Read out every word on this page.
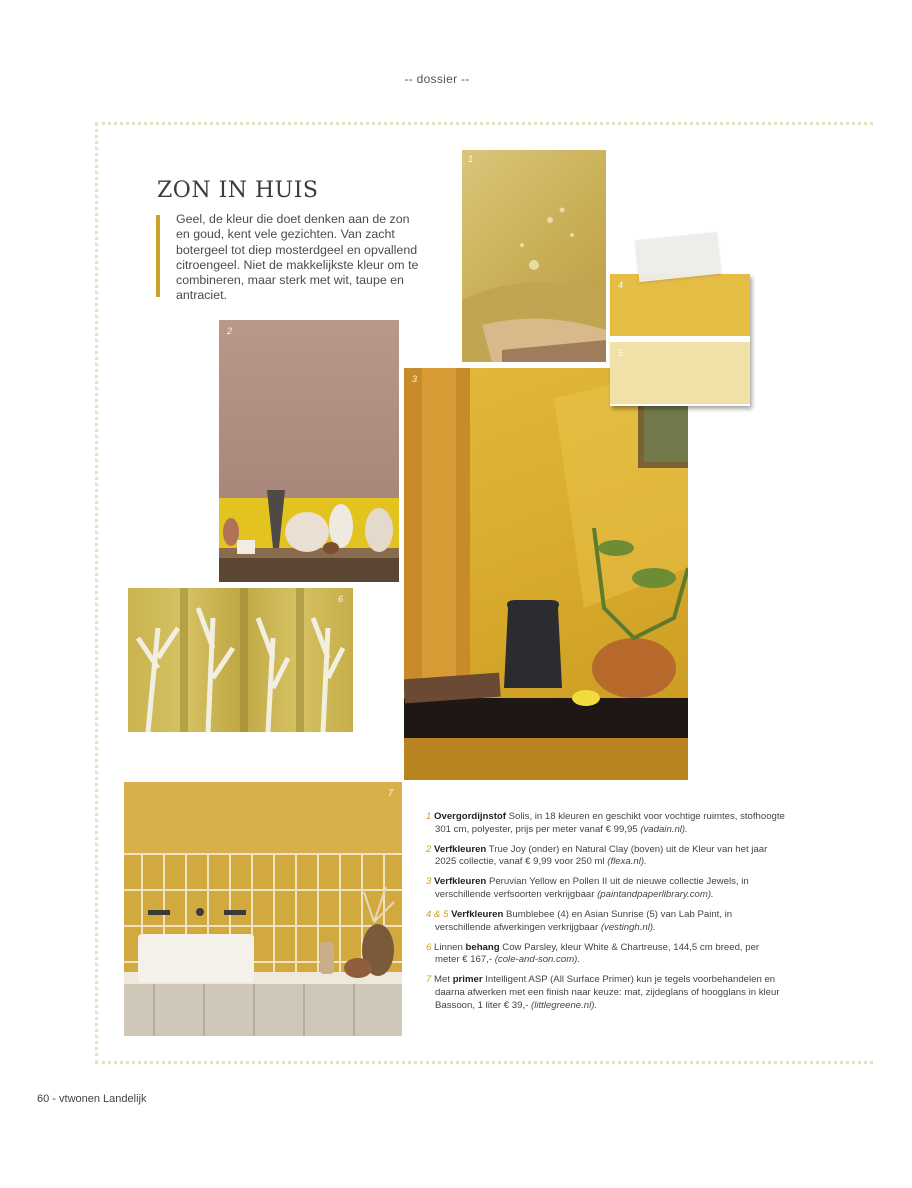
-- dossier --
ZON IN HUIS
Geel, de kleur die doet denken aan de zon en goud, kent vele gezichten. Van zacht botergeel tot diep mosterdgeel en opvallend citroengeel. Niet de makkelijkste kleur om te combineren, maar sterk met wit, taupe en antraciet.
1
2
3
4
5
6
7
1 Overgordijnstof Solis, in 18 kleuren en geschikt voor vochtige ruimtes, stofhoogte 301 cm, polyester, prijs per meter vanaf € 99,95 (vadain.nl).
2 Verfkleuren True Joy (onder) en Natural Clay (boven) uit de Kleur van het jaar 2025 collectie, vanaf € 9,99 voor 250 ml (flexa.nl).
3 Verfkleuren Peruvian Yellow en Pollen II uit de nieuwe collectie Jewels, in verschillende verfsoorten verkrijgbaar (paintandpaperlibrary.com).
4 & 5 Verfkleuren Bumblebee (4) en Asian Sunrise (5) van Lab Paint, in verschillende afwerkingen verkrijgbaar (vestingh.nl).
6 Linnen behang Cow Parsley, kleur White & Chartreuse, 144,5 cm breed, per meter € 167,- (cole-and-son.com).
7 Met primer Intelligent ASP (All Surface Primer) kun je tegels voorbehandelen en daarna afwerken met een finish naar keuze: mat, zijdeglans of hoogglans in kleur Bassoon, 1 liter € 39,- (littlegreene.nl).
60 - vtwonen Landelijk
